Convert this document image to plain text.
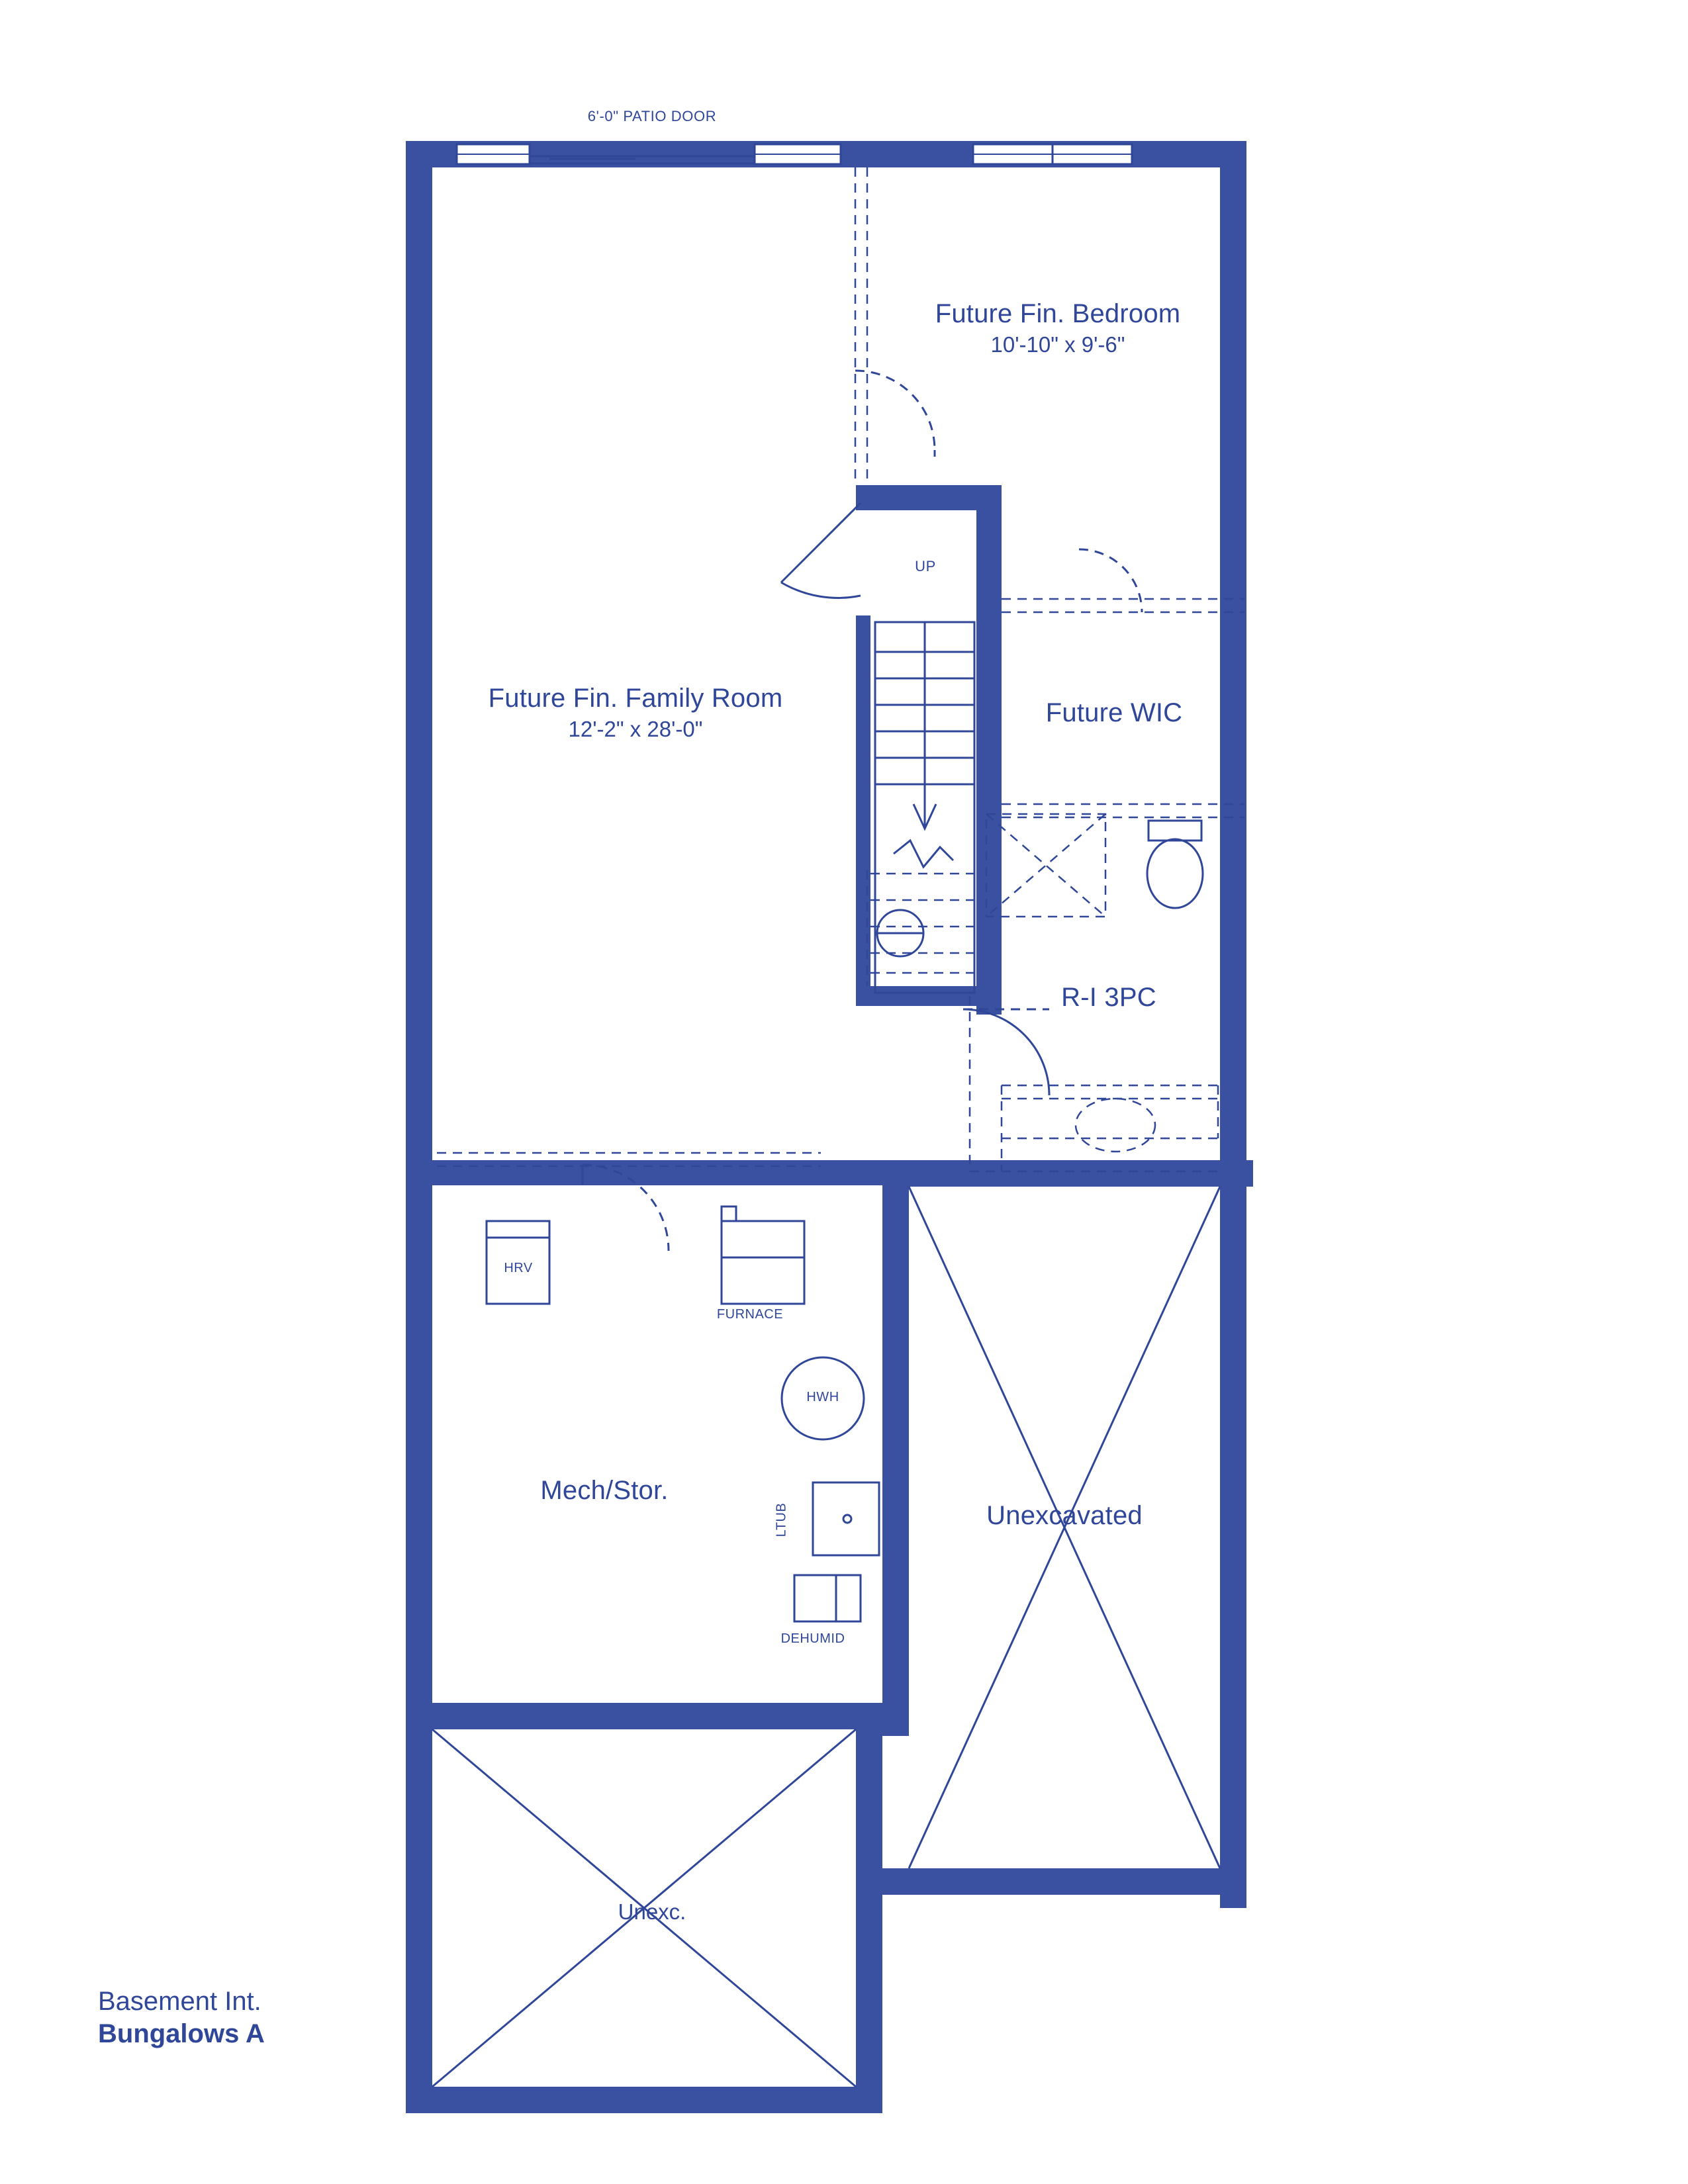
6'-0" PATIO DOOR
Future Fin. Bedroom
10'-10" x 9'-6"
UP
Future Fin. Family Room
12'-2" x 28'-0"
Future WIC
R-I 3PC
HRV
FURNACE
HWH
LTUB
DEHUMID
Mech/Stor.
Unexcavated
Unexc.
Basement Int.
Bungalows A
